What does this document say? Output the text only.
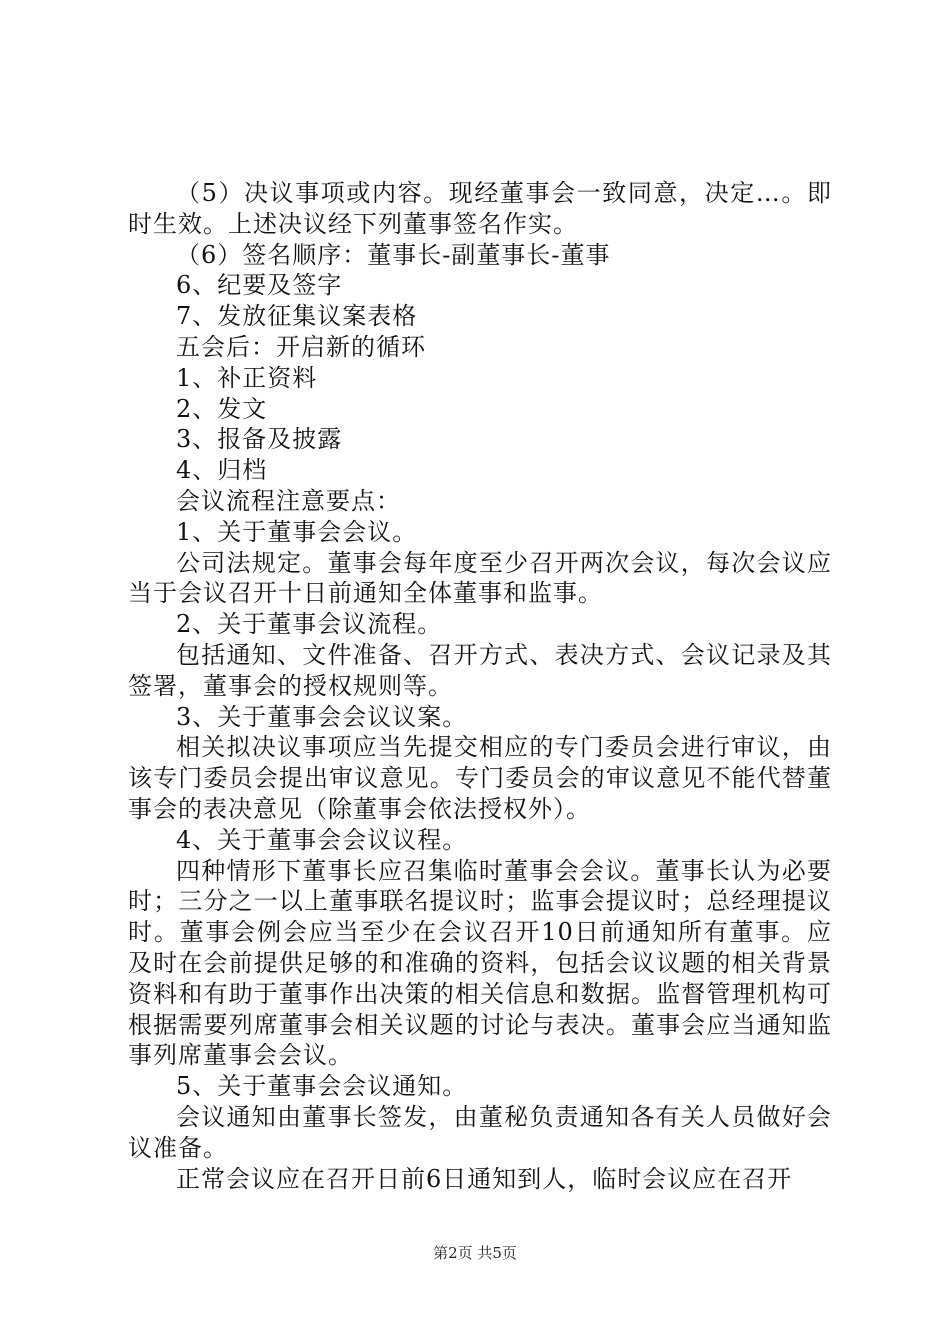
（5）决议事项或内容。现经董事会一致同意，决定…。即时生效。上述决议经下列董事签名作实。

（6）签名顺序：董事长-副董事长-董事

6、纪要及签字

7、发放征集议案表格

五会后：开启新的循环

1、补正资料

2、发文

3、报备及披露

4、归档

会议流程注意要点：

1、关于董事会会议。

公司法规定。董事会每年度至少召开两次会议，每次会议应当于会议召开十日前通知全体董事和监事。

2、关于董事会议流程。

包括通知、文件准备、召开方式、表决方式、会议记录及其签署，董事会的授权规则等。

3、关于董事会会议议案。

相关拟决议事项应当先提交相应的专门委员会进行审议，由该专门委员会提出审议意见。专门委员会的审议意见不能代替董事会的表决意见（除董事会依法授权外）。

4、关于董事会会议议程。

四种情形下董事长应召集临时董事会会议。董事长认为必要时；三分之一以上董事联名提议时；监事会提议时；总经理提议时。董事会例会应当至少在会议召开10日前通知所有董事。应及时在会前提供足够的和准确的资料，包括会议议题的相关背景资料和有助于董事作出决策的相关信息和数据。监督管理机构可根据需要列席董事会相关议题的讨论与表决。董事会应当通知监事列席董事会会议。

5、关于董事会会议通知。

会议通知由董事长签发，由董秘负责通知各有关人员做好会议准备。

正常会议应在召开日前6日通知到人，临时会议应在召开

第2页 共5页
